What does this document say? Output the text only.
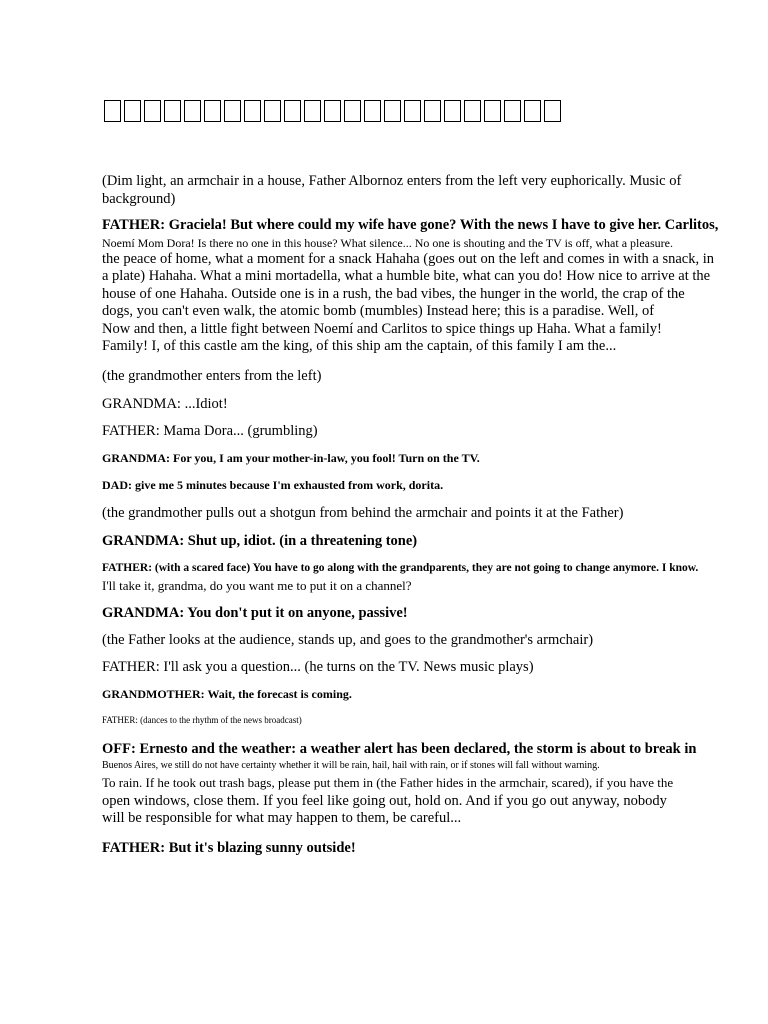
(Dim light, an armchair in a house, Father Albornoz enters from the left very euphorically. Music of background)

FATHER: Graciela! But where could my wife have gone? With the news I have to give her. Carlitos,
Noemí Mom Dora! Is there no one in this house? What silence... No one is shouting and the TV is off, what a pleasure.
the peace of home, what a moment for a snack Hahaha (goes out on the left and comes in with a snack, in
a plate) Hahaha. What a mini mortadella, what a humble bite, what can you do! How nice to arrive at the
house of one Hahaha. Outside one is in a rush, the bad vibes, the hunger in the world, the crap of the
dogs, you can't even walk, the atomic bomb (mumbles) Instead here; this is a paradise. Well, of
Now and then, a little fight between Noemí and Carlitos to spice things up Haha. What a family!
Family! I, of this castle am the king, of this ship am the captain, of this family I am the...

(the grandmother enters from the left)

GRANDMA: ...Idiot!

FATHER: Mama Dora... (grumbling)

GRANDMA: For you, I am your mother-in-law, you fool! Turn on the TV.

DAD: give me 5 minutes because I'm exhausted from work, dorita.

(the grandmother pulls out a shotgun from behind the armchair and points it at the Father)

GRANDMA: Shut up, idiot. (in a threatening tone)

FATHER: (with a scared face) You have to go along with the grandparents, they are not going to change anymore. I know.
I'll take it, grandma, do you want me to put it on a channel?

GRANDMA: You don't put it on anyone, passive!

(the Father looks at the audience, stands up, and goes to the grandmother's armchair)

FATHER: I'll ask you a question... (he turns on the TV. News music plays)

GRANDMOTHER: Wait, the forecast is coming.

FATHER: (dances to the rhythm of the news broadcast)

OFF: Ernesto and the weather: a weather alert has been declared, the storm is about to break in
Buenos Aires, we still do not have certainty whether it will be rain, hail, hail with rain, or if stones will fall without warning.
To rain. If he took out trash bags, please put them in (the Father hides in the armchair, scared), if you have the
open windows, close them. If you feel like going out, hold on. And if you go out anyway, nobody
will be responsible for what may happen to them, be careful...

FATHER: But it's blazing sunny outside!
